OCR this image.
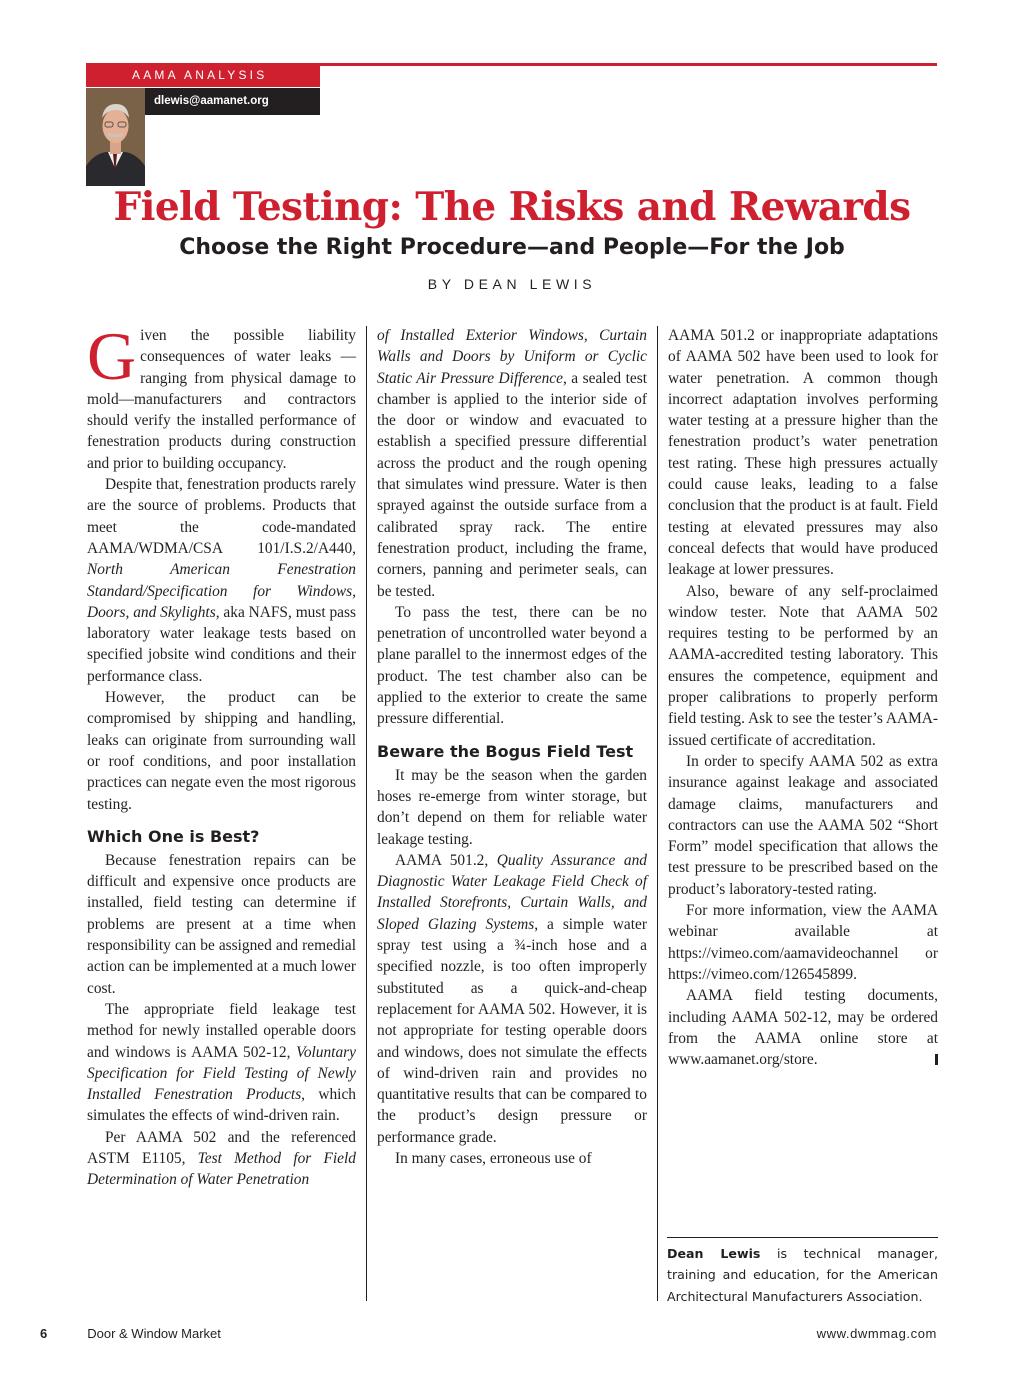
AAMA ANALYSIS
dlewis@aamanet.org
Field Testing: The Risks and Rewards
Choose the Right Procedure—and People—For the Job
BY DEAN LEWIS

Given the possible liability consequences of water leaks —ranging from physical damage to mold—manufacturers and contractors should verify the installed performance of fenestration products during construction and prior to building occupancy.

Despite that, fenestration products rarely are the source of problems. Products that meet the code-mandated AAMA/WDMA/CSA 101/I.S.2/A440, North American Fenestration Standard/Specification for Windows, Doors, and Skylights, aka NAFS, must pass laboratory water leakage tests based on specified jobsite wind conditions and their performance class.

However, the product can be compromised by shipping and handling, leaks can originate from surrounding wall or roof conditions, and poor installation practices can negate even the most rigorous testing.

Which One is Best?

Because fenestration repairs can be difficult and expensive once products are installed, field testing can determine if problems are present at a time when responsibility can be assigned and remedial action can be implemented at a much lower cost.

The appropriate field leakage test method for newly installed operable doors and windows is AAMA 502-12, Voluntary Specification for Field Testing of Newly Installed Fenestration Products, which simulates the effects of wind-driven rain.

Per AAMA 502 and the referenced ASTM E1105, Test Method for Field Determination of Water Penetration

of Installed Exterior Windows, Curtain Walls and Doors by Uniform or Cyclic Static Air Pressure Difference, a sealed test chamber is applied to the interior side of the door or window and evacuated to establish a specified pressure differential across the product and the rough opening that simulates wind pressure. Water is then sprayed against the outside surface from a calibrated spray rack. The entire fenestration product, including the frame, corners, panning and perimeter seals, can be tested.

To pass the test, there can be no penetration of uncontrolled water beyond a plane parallel to the innermost edges of the product. The test chamber also can be applied to the exterior to create the same pressure differential.

Beware the Bogus Field Test

It may be the season when the garden hoses re-emerge from winter storage, but don’t depend on them for reliable water leakage testing.

AAMA 501.2, Quality Assurance and Diagnostic Water Leakage Field Check of Installed Storefronts, Curtain Walls, and Sloped Glazing Systems, a simple water spray test using a ¾-inch hose and a specified nozzle, is too often improperly substituted as a quick-and-cheap replacement for AAMA 502. However, it is not appropriate for testing operable doors and windows, does not simulate the effects of wind-driven rain and provides no quantitative results that can be compared to the product’s design pressure or performance grade.

In many cases, erroneous use of

AAMA 501.2 or inappropriate adaptations of AAMA 502 have been used to look for water penetration. A common though incorrect adaptation involves performing water testing at a pressure higher than the fenestration product’s water penetration test rating. These high pressures actually could cause leaks, leading to a false conclusion that the product is at fault. Field testing at elevated pressures may also conceal defects that would have produced leakage at lower pressures.

Also, beware of any self-proclaimed window tester. Note that AAMA 502 requires testing to be performed by an AAMA-accredited testing laboratory. This ensures the competence, equipment and proper calibrations to properly perform field testing. Ask to see the tester’s AAMA-issued certificate of accreditation.

In order to specify AAMA 502 as extra insurance against leakage and associated damage claims, manufacturers and contractors can use the AAMA 502 “Short Form” model specification that allows the test pressure to be prescribed based on the product’s laboratory-tested rating.

For more information, view the AAMA webinar available at https://vimeo.com/aamavideochannel or https://vimeo.com/126545899.

AAMA field testing documents, including AAMA 502-12, may be ordered from the AAMA online store at www.aamanet.org/store.

Dean Lewis is technical manager, training and education, for the American Architectural Manufacturers Association.
6	Door & Window Market	www.dwmmag.com
